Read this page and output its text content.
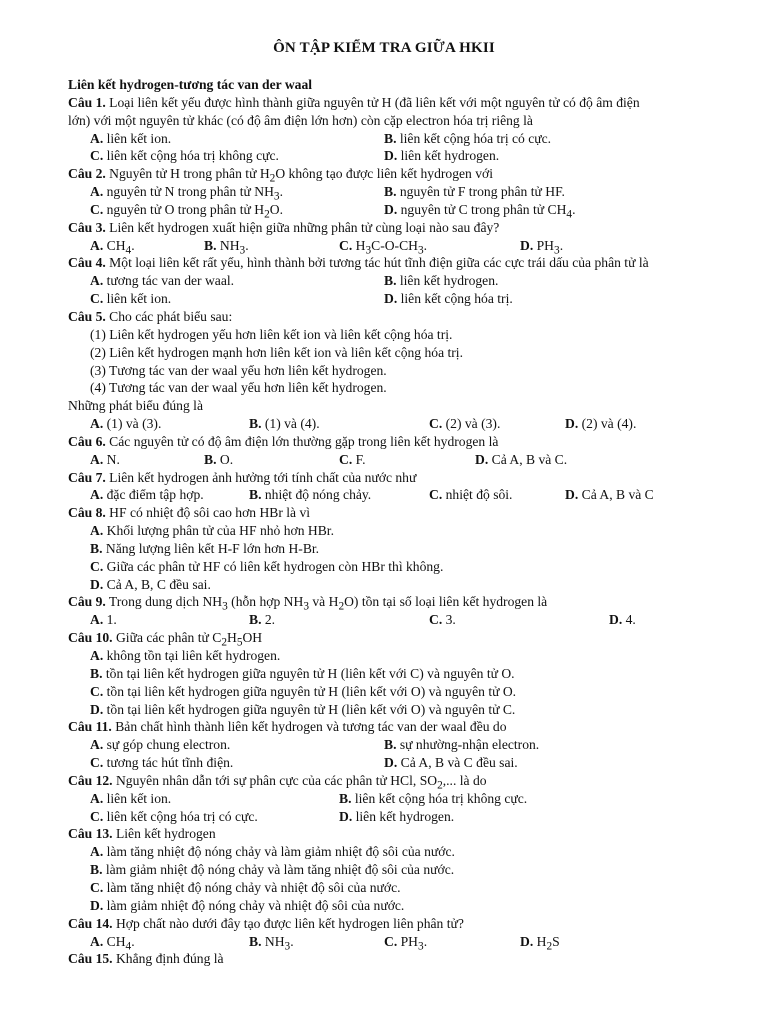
ÔN TẬP KIỂM TRA GIỮA HKII
Liên kết hydrogen-tương tác van der waal
Câu 1. Loại liên kết yếu được hình thành giữa nguyên tử H (đã liên kết với một nguyên tử có độ âm điện
lớn) với một nguyên tử khác (có độ âm điện lớn hơn) còn cặp electron hóa trị riêng là
A. liên kết ion.	B. liên kết cộng hóa trị có cực.
C. liên kết cộng hóa trị không cực.	D. liên kết hydrogen.
Câu 2. Nguyên tử H trong phân tử $H_2O$ không tạo được liên kết hydrogen với
A. nguyên tử N trong phân tử $NH_3$.	B. nguyên tử F trong phân tử HF.
C. nguyên tử O trong phân tử $H_2O$.	D. nguyên tử C trong phân tử $CH_4$.
Câu 3. Liên kết hydrogen xuất hiện giữa những phân tử cùng loại nào sau đây?
A. $CH_4$.	B. $NH_3$.	C. $H_3C-O-CH_3$.	D. $PH_3$.
Câu 4. Một loại liên kết rất yếu, hình thành bởi tương tác hút tĩnh điện giữa các cực trái dấu của phân tử là
A. tương tác van der waal.	B. liên kết hydrogen.
C. liên kết ion.	D. liên kết cộng hóa trị.
Câu 5. Cho các phát biểu sau:
(1) Liên kết hydrogen yếu hơn liên kết ion và liên kết cộng hóa trị.
(2) Liên kết hydrogen mạnh hơn liên kết ion và liên kết cộng hóa trị.
(3) Tương tác van der waal yếu hơn liên kết hydrogen.
(4) Tương tác van der waal yếu hơn liên kết hydrogen.
Những phát biểu đúng là
A. (1) và (3).	B. (1) và (4).	C. (2) và (3).	D. (2) và (4).
Câu 6. Các nguyên tử có độ âm điện lớn thường gặp trong liên kết hydrogen là
A. N.	B. O.	C. F.	D. Cả A, B và C.
Câu 7. Liên kết hydrogen ảnh hưởng tới tính chất của nước như
A. đặc điểm tập hợp.	B. nhiệt độ nóng chảy.	C. nhiệt độ sôi.	D. Cả A, B và C
Câu 8. HF có nhiệt độ sôi cao hơn HBr là vì
A. Khối lượng phân tử của HF nhỏ hơn HBr.
B. Năng lượng liên kết H-F lớn hơn H-Br.
C. Giữa các phân tử HF có liên kết hydrogen còn HBr thì không.
D. Cả A, B, C đều sai.
Câu 9. Trong dung dịch $NH_3$ (hỗn hợp $NH_3$ và $H_2O$) tồn tại số loại liên kết hydrogen là
A. 1.	B. 2.	C. 3.	D. 4.
Câu 10. Giữa các phân tử $C_2H_5OH$
A. không tồn tại liên kết hydrogen.
B. tồn tại liên kết hydrogen giữa nguyên tử H (liên kết với C) và nguyên tử O.
C. tồn tại liên kết hydrogen giữa nguyên tử H (liên kết với O) và nguyên tử O.
D. tồn tại liên kết hydrogen giữa nguyên tử H (liên kết với O) và nguyên tử C.
Câu 11. Bản chất hình thành liên kết hydrogen và tương tác van der waal đều do
A. sự góp chung electron.	B. sự nhường-nhận electron.
C. tương tác hút tĩnh điện.	D. Cả A, B và C đều sai.
Câu 12. Nguyên nhân dẫn tới sự phân cực của các phân tử HCl, $SO_2$,... là do
A. liên kết ion.	B. liên kết cộng hóa trị không cực.
C. liên kết cộng hóa trị có cực.	D. liên kết hydrogen.
Câu 13. Liên kết hydrogen
A. làm tăng nhiệt độ nóng chảy và làm giảm nhiệt độ sôi của nước.
B. làm giảm nhiệt độ nóng chảy và làm tăng nhiệt độ sôi của nước.
C. làm tăng nhiệt độ nóng chảy và nhiệt độ sôi của nước.
D. làm giảm nhiệt độ nóng chảy và nhiệt độ sôi của nước.
Câu 14. Hợp chất nào dưới đây tạo được liên kết hydrogen liên phân tử?
A. $CH_4$.	B. $NH_3$.	C. $PH_3$.	D. $H_2S$
Câu 15. Khẳng định đúng là
